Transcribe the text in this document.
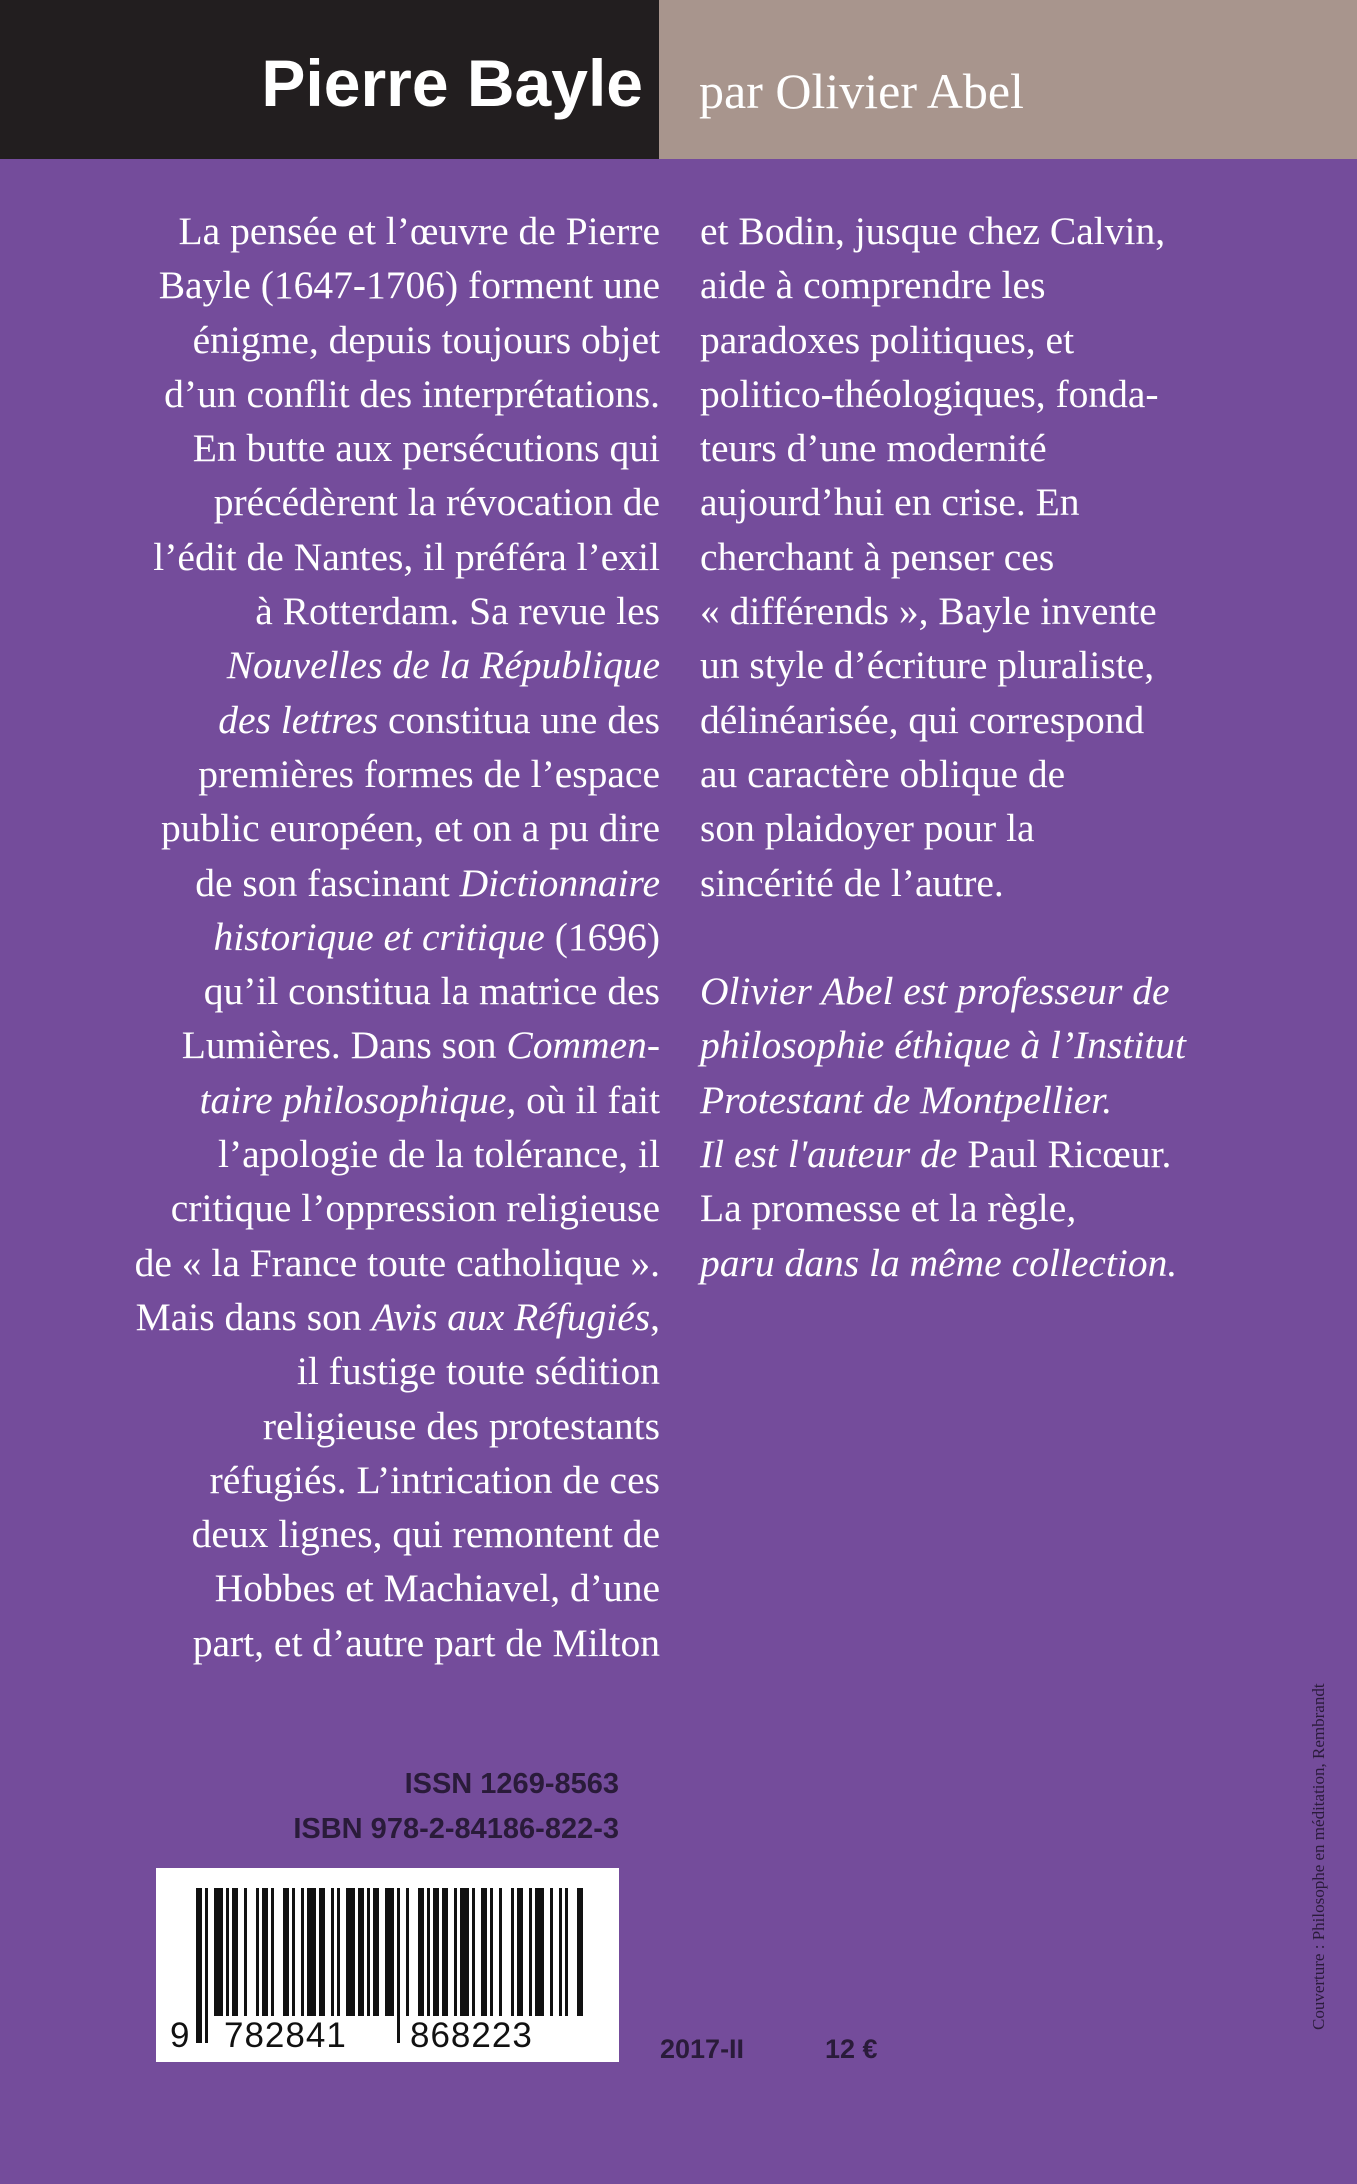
Pierre Bayle par Olivier Abel
La pensée et l’œuvre de Pierre
Bayle (1647-1706) forment une
énigme, depuis toujours objet
d’un conflit des interprétations.
En butte aux persécutions qui
précédèrent la révocation de
l’édit de Nantes, il préféra l’exil
à Rotterdam. Sa revue les
Nouvelles de la République
des lettres constitua une des
premières formes de l’espace
public européen, et on a pu dire
de son fascinant Dictionnaire
historique et critique (1696)
qu’il constitua la matrice des
Lumières. Dans son Commen-
taire philosophique, où il fait
l’apologie de la tolérance, il
critique l’oppression religieuse
de « la France toute catholique ».
Mais dans son Avis aux Réfugiés,
il fustige toute sédition
religieuse des protestants
réfugiés. L’intrication de ces
deux lignes, qui remontent de
Hobbes et Machiavel, d’une
part, et d’autre part de Milton
et Bodin, jusque chez Calvin,
aide à comprendre les
paradoxes politiques, et
politico-théologiques, fonda-
teurs d’une modernité
aujourd’hui en crise. En
cherchant à penser ces
« différends », Bayle invente
un style d’écriture pluraliste,
délinéarisée, qui correspond
au caractère oblique de
son plaidoyer pour la
sincérité de l’autre.
Olivier Abel est professeur de
philosophie éthique à l’Institut
Protestant de Montpellier.
Il est l'auteur de Paul Ricœur.
La promesse et la règle,
paru dans la même collection.
ISSN 1269-8563
ISBN 978-2-84186-822-3
9 782841 868223	2017-II	12 €
Couverture : Philosophe en méditation, Rembrandt
